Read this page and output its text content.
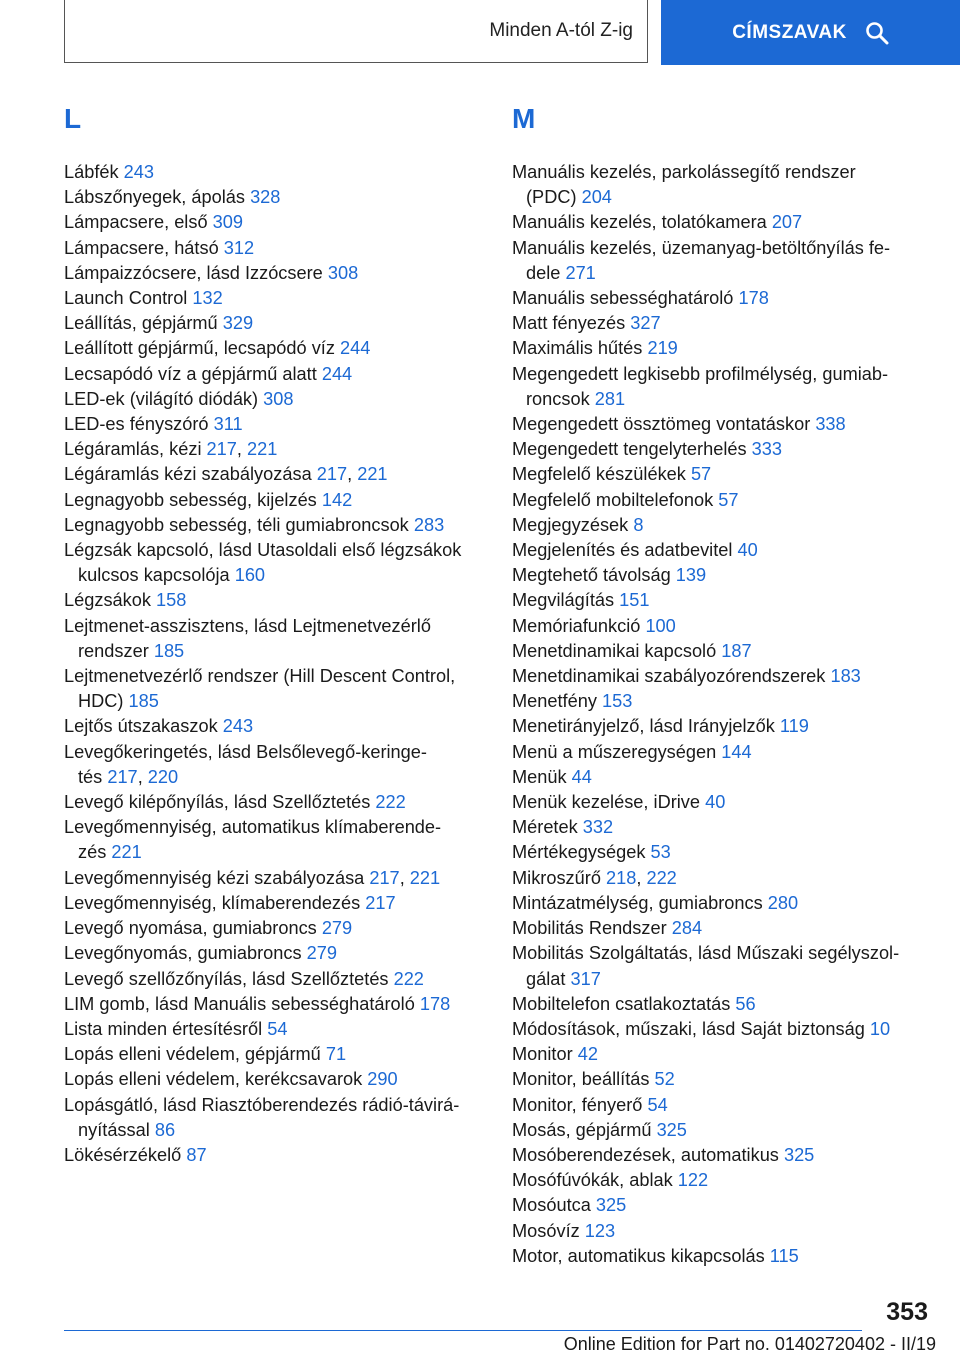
Minden A-tól Z-ig	CÍMSZAVAK
L
Lábfék 243
Lábszőnyegek, ápolás 328
Lámpacsere, első 309
Lámpacsere, hátsó 312
Lámpaizzócsere, lásd Izzócsere 308
Launch Control 132
Leállítás, gépjármű 329
Leállított gépjármű, lecsapódó víz 244
Lecsapódó víz a gépjármű alatt 244
LED-ek (világító diódák) 308
LED-es fényszóró 311
Légáramlás, kézi 217, 221
Légáramlás kézi szabályozása 217, 221
Legnagyobb sebesség, kijelzés 142
Legnagyobb sebesség, téli gumiabroncsok 283
Légzsák kapcsoló, lásd Utasoldali első légzsákok
kulcsos kapcsolója 160
Légzsákok 158
Lejtmenet-asszisztens, lásd Lejtmenetvezérlő
rendszer 185
Lejtmenetvezérlő rendszer (Hill Descent Control,
HDC) 185
Lejtős útszakaszok 243
Levegőkeringetés, lásd Belsőlevegő-keringe‐
tés 217, 220
Levegő kilépőnyílás, lásd Szellőztetés 222
Levegőmennyiség, automatikus klímaberende‐
zés 221
Levegőmennyiség kézi szabályozása 217, 221
Levegőmennyiség, klímaberendezés 217
Levegő nyomása, gumiabroncs 279
Levegőnyomás, gumiabroncs 279
Levegő szellőzőnyílás, lásd Szellőztetés 222
LIM gomb, lásd Manuális sebességhatároló 178
Lista minden értesítésről 54
Lopás elleni védelem, gépjármű 71
Lopás elleni védelem, kerékcsavarok 290
Lopásgátló, lásd Riasztóberendezés rádió-távirá‐
nyítással 86
Lökésérzékelő 87
M
Manuális kezelés, parkolássegítő rendszer
(PDC) 204
Manuális kezelés, tolatókamera 207
Manuális kezelés, üzemanyag-betöltőnyílás fe‐
dele 271
Manuális sebességhatároló 178
Matt fényezés 327
Maximális hűtés 219
Megengedett legkisebb profilmélység, gumiab‐
roncsok 281
Megengedett össztömeg vontatáskor 338
Megengedett tengelyterhelés 333
Megfelelő készülékek 57
Megfelelő mobiltelefonok 57
Megjegyzések 8
Megjelenítés és adatbevitel 40
Megtehető távolság 139
Megvilágítás 151
Memóriafunkció 100
Menetdinamikai kapcsoló 187
Menetdinamikai szabályozórendszerek 183
Menetfény 153
Menetirányjelző, lásd Irányjelzők 119
Menü a műszeregységen 144
Menük 44
Menük kezelése, iDrive 40
Méretek 332
Mértékegységek 53
Mikroszűrő 218, 222
Mintázatmélység, gumiabroncs 280
Mobilitás Rendszer 284
Mobilitás Szolgáltatás, lásd Műszaki segélyszol‐
gálat 317
Mobiltelefon csatlakoztatás 56
Módosítások, műszaki, lásd Saját biztonság 10
Monitor 42
Monitor, beállítás 52
Monitor, fényerő 54
Mosás, gépjármű 325
Mosóberendezések, automatikus 325
Mosófúvókák, ablak 122
Mosóutca 325
Mosóvíz 123
Motor, automatikus kikapcsolás 115
353
Online Edition for Part no. 01402720402 - II/19
